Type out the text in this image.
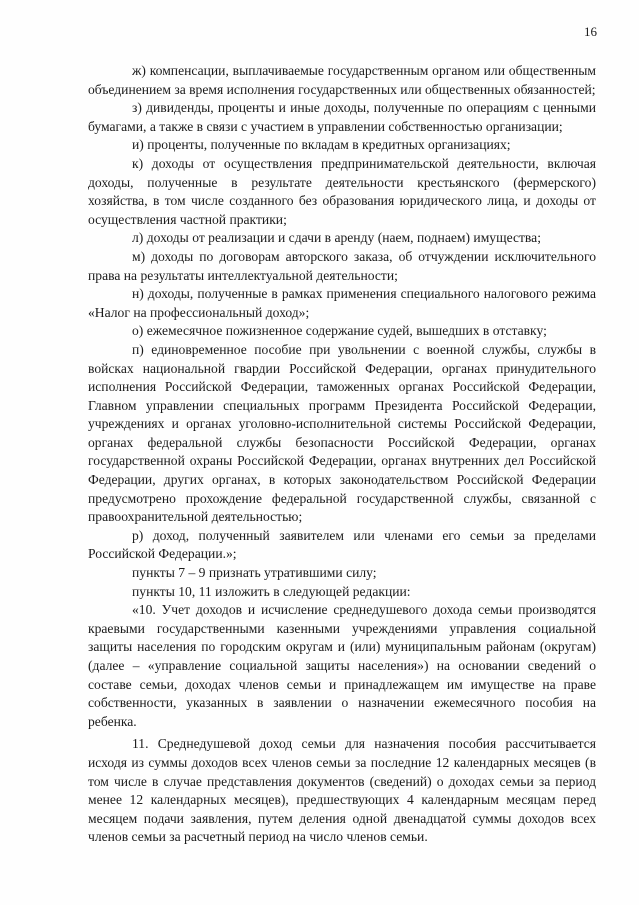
16

ж) компенсации, выплачиваемые государственным органом или общественным объединением за время исполнения государственных или общественных обязанностей;

з) дивиденды, проценты и иные доходы, полученные по операциям с ценными бумагами, а также в связи с участием в управлении собственностью организации;

и) проценты, полученные по вкладам в кредитных организациях;

к) доходы от осуществления предпринимательской деятельности, включая доходы, полученные в результате деятельности крестьянского (фермерского) хозяйства, в том числе созданного без образования юридического лица, и доходы от осуществления частной практики;

л) доходы от реализации и сдачи в аренду (наем, поднаем) имущества;

м) доходы по договорам авторского заказа, об отчуждении исключительного права на результаты интеллектуальной деятельности;

н) доходы, полученные в рамках применения специального налогового режима «Налог на профессиональный доход»;

о) ежемесячное пожизненное содержание судей, вышедших в отставку;

п) единовременное пособие при увольнении с военной службы, службы в войсках национальной гвардии Российской Федерации, органах принудительного исполнения Российской Федерации, таможенных органах Российской Федерации, Главном управлении специальных программ Президента Российской Федерации, учреждениях и органах уголовно-исполнительной системы Российской Федерации, органах федеральной службы безопасности Российской Федерации, органах государственной охраны Российской Федерации, органах внутренних дел Российской Федерации, других органах, в которых законодательством Российской Федерации предусмотрено прохождение федеральной государственной службы, связанной с правоохранительной деятельностью;

р) доход, полученный заявителем или членами его семьи за пределами Российской Федерации.»;

пункты 7 – 9 признать утратившими силу;

пункты 10, 11 изложить в следующей редакции:

«10. Учет доходов и исчисление среднедушевого дохода семьи производятся краевыми государственными казенными учреждениями управления социальной защиты населения по городским округам и (или) муниципальным районам (округам) (далее – «управление социальной защиты населения») на основании сведений о составе семьи, доходах членов семьи и принадлежащем им имуществе на праве собственности, указанных в заявлении о назначении ежемесячного пособия на ребенка.

11. Среднедушевой доход семьи для назначения пособия рассчитывается исходя из суммы доходов всех членов семьи за последние 12 календарных месяцев (в том числе в случае представления документов (сведений) о доходах семьи за период менее 12 календарных месяцев), предшествующих 4 календарным месяцам перед месяцем подачи заявления, путем деления одной двенадцатой суммы доходов всех членов семьи за расчетный период на число членов семьи.
